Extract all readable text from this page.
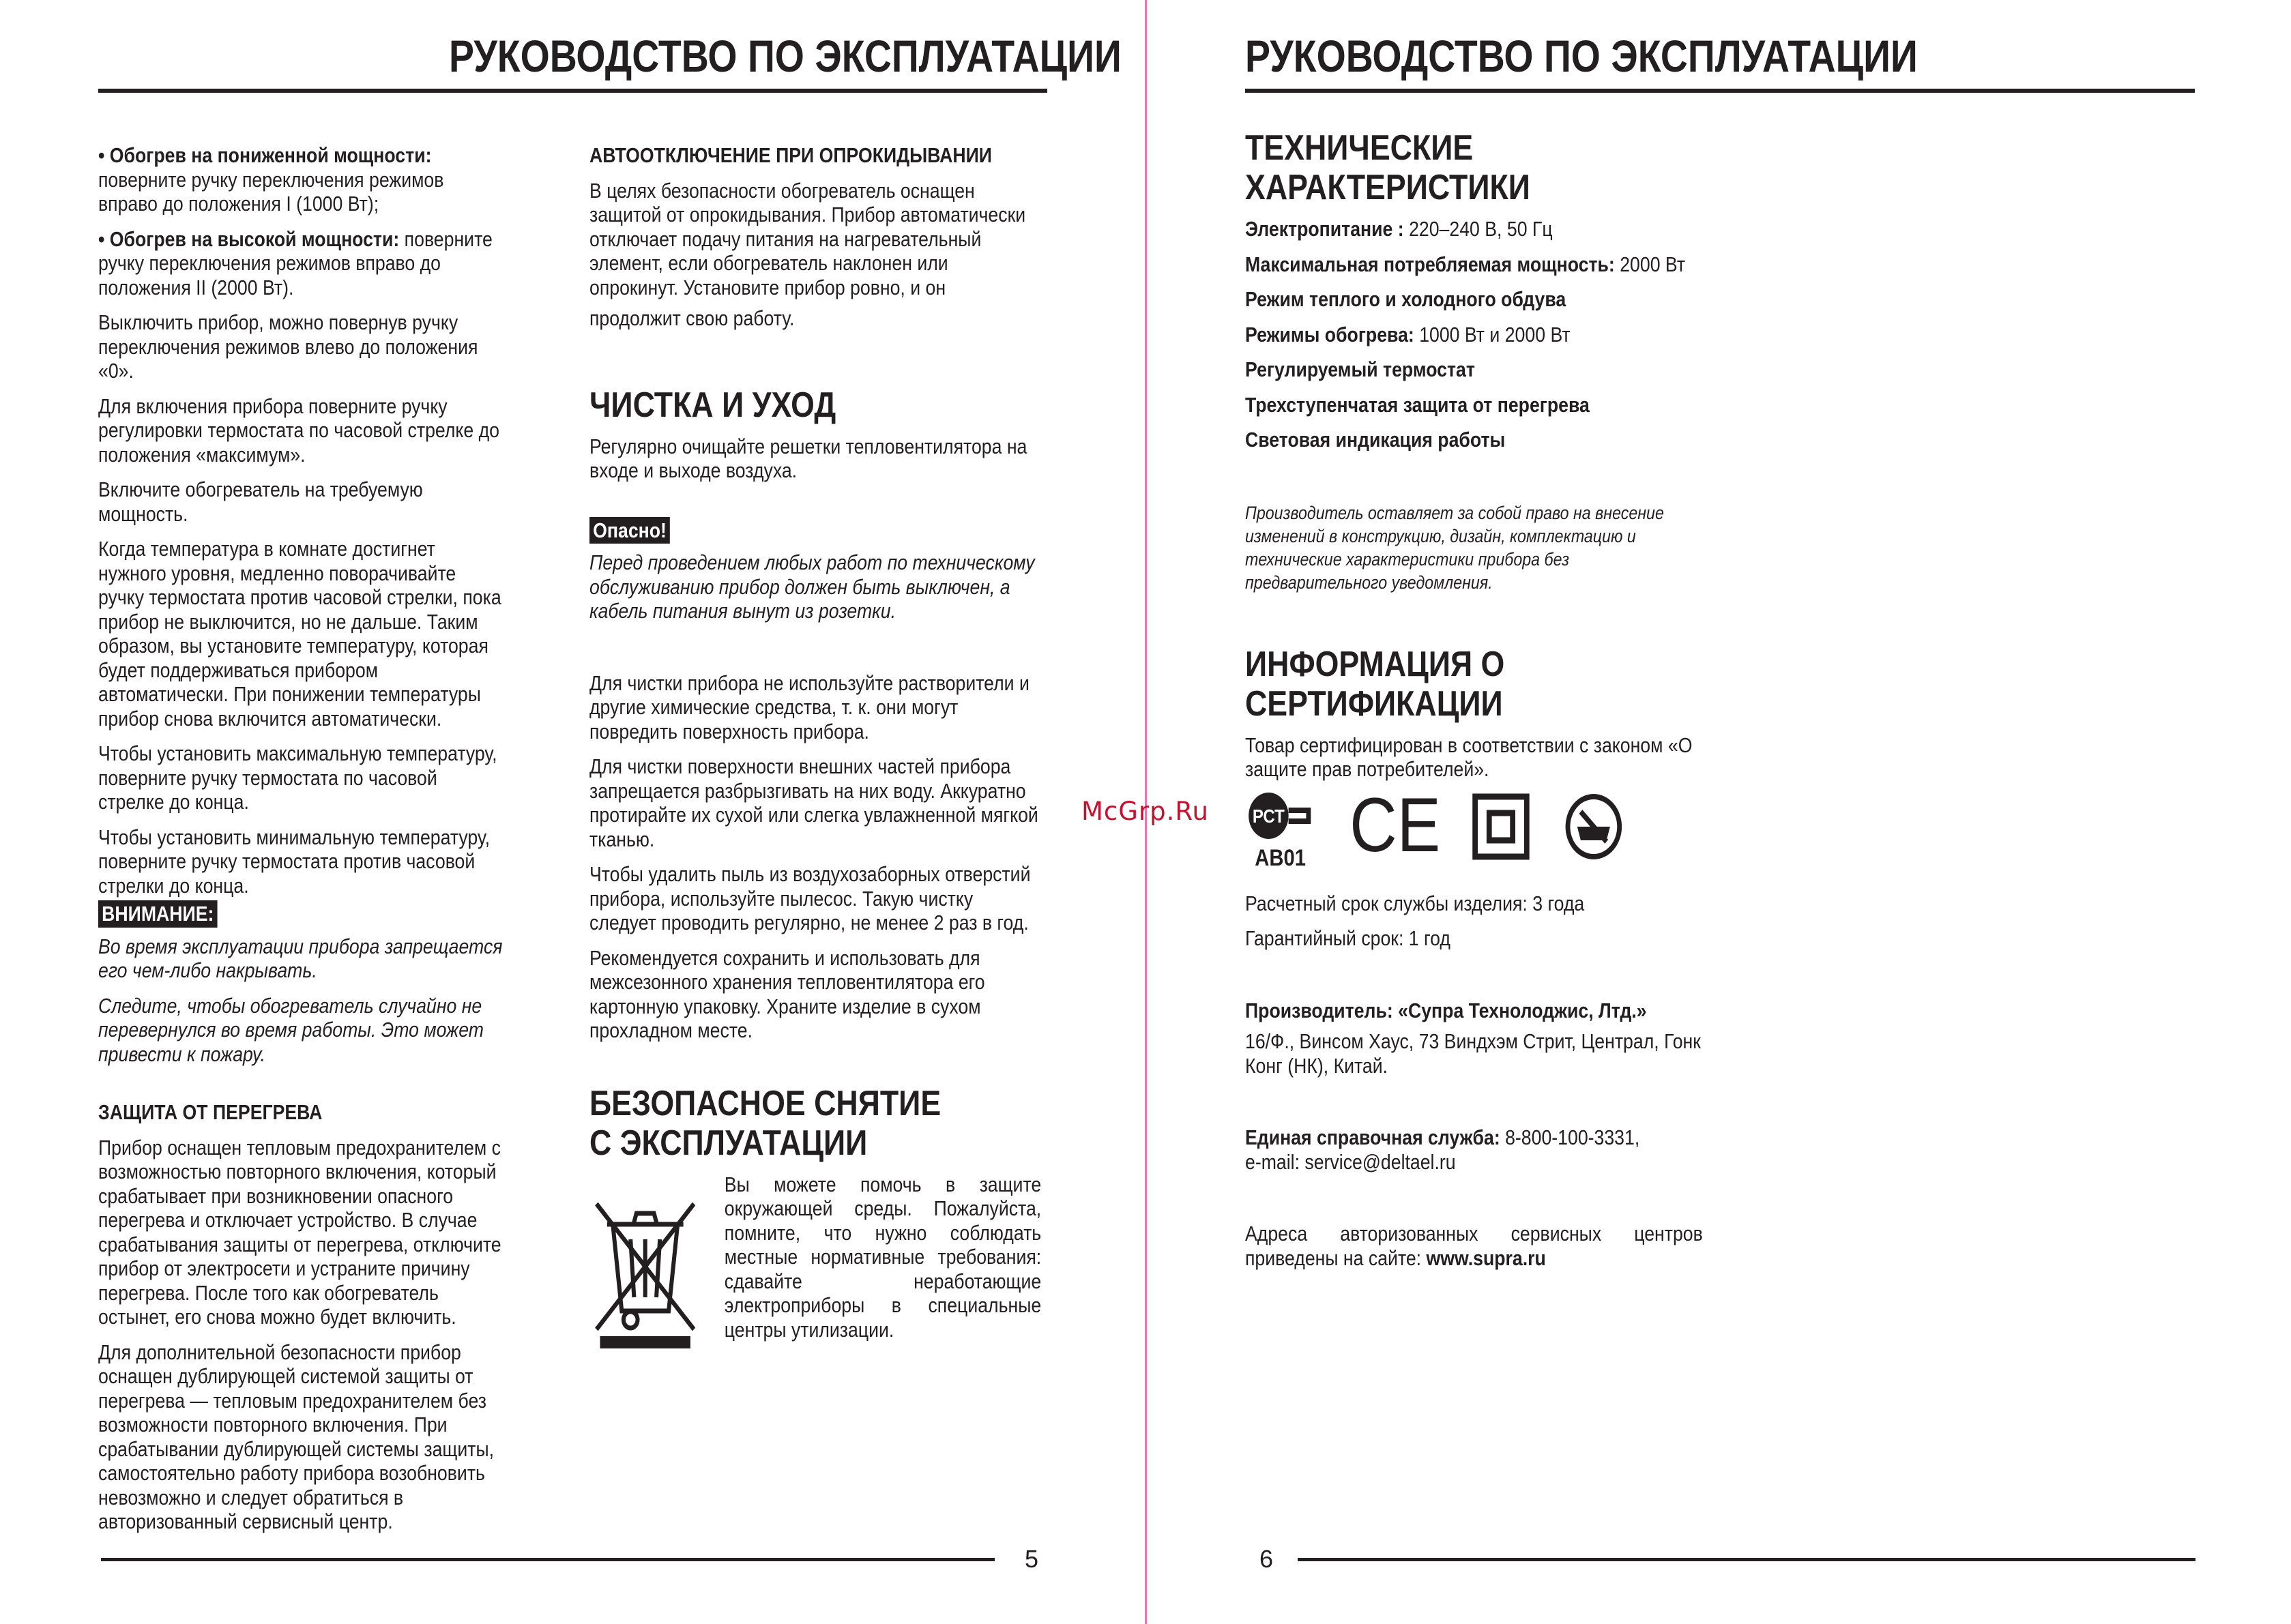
РУКОВОДСТВО ПО ЭКСПЛУАТАЦИИ

• Обогрев на пониженной мощности:
поверните ручку переключения режимов вправо до положения I (1000 Вт);

• Обогрев на высокой мощности: поверните ручку переключения режимов вправо до положения II (2000 Вт).

Выключить прибор, можно повернув ручку переключения режимов влево до положения «0».

Для включения прибора поверните ручку регулировки термостата по часовой стрелке до положения «максимум».

Включите обогреватель на требуемую мощность.

Когда температура в комнате достигнет нужного уровня, медленно поворачивайте ручку термостата против часовой стрелки, пока прибор не выключится, но не дальше. Таким образом, вы установите температуру, которая будет поддерживаться прибором автоматически. При понижении температуры прибор снова включится автоматически.

Чтобы установить максимальную температуру, поверните ручку термостата по часовой стрелке до конца.

Чтобы установить минимальную температуру, поверните ручку термостата против часовой стрелки до конца.

ВНИМАНИЕ:

Во время эксплуатации прибора запрещается его чем-либо накрывать.

Следите, чтобы обогреватель случайно не перевернулся во время работы. Это может привести к пожару.

ЗАЩИТА ОТ ПЕРЕГРЕВА

Прибор оснащен тепловым предохранителем с возможностью повторного включения, который срабатывает при возникновении опасного перегрева и отключает устройство. В случае срабатывания защиты от перегрева, отключите прибор от электросети и устраните причину перегрева. После того как обогреватель остынет, его снова можно будет включить.

Для дополнительной безопасности прибор оснащен дублирующей системой защиты от перегрева — тепловым предохранителем без возможности повторного включения. При срабатывании дублирующей системы защиты, самостоятельно работу прибора возобновить невозможно и следует обратиться в авторизованный сервисный центр.

АВТООТКЛЮЧЕНИЕ ПРИ ОПРОКИДЫВАНИИ

В целях безопасности обогреватель оснащен защитой от опрокидывания. Прибор автоматически отключает подачу питания на нагревательный элемент, если обогреватель наклонен или опрокинут. Установите прибор ровно, и он

продолжит свою работу.

ЧИСТКА И УХОД

Регулярно очищайте решетки тепловентилятора на входе и выходе воздуха.

Опасно!

Перед проведением любых работ по техническому обслуживанию прибор должен быть выключен, а кабель питания вынут из розетки.

Для чистки прибора не используйте растворители и другие химические средства, т. к. они могут повредить поверхность прибора.

Для чистки поверхности внешних частей прибора запрещается разбрызгивать на них воду. Аккуратно протирайте их сухой или слегка увлажненной мягкой тканью.

Чтобы удалить пыль из воздухозаборных отверстий прибора, используйте пылесос. Такую чистку следует проводить регулярно, не менее 2 раз в год.

Рекомендуется сохранить и использовать для межсезонного хранения тепловентилятора его картонную упаковку. Храните изделие в сухом прохладном месте.

БЕЗОПАСНОЕ СНЯТИЕ
С ЭКСПЛУАТАЦИИ

Вы можете помочь в защите окружающей среды. Пожалуйста, помните, что нужно соблюдать местные нормативные требования: сдавайте неработающие электроприборы в специальные центры утилизации.

5
McGrp.Ru
РУКОВОДСТВО ПО ЭКСПЛУАТАЦИИ
ТЕХНИЧЕСКИЕ ХАРАКТЕРИСТИКИ

Электропитание : 220–240 В, 50 Гц

Максимальная потребляемая мощность: 2000 Вт

Режим теплого и холодного обдува

Режимы обогрева: 1000 Вт и 2000 Вт

Регулируемый термостат

Трехступенчатая защита от перегрева

Световая индикация работы

Производитель оставляет за собой право на внесение изменений в конструкцию, дизайн, комплектацию и технические характеристики прибора без предварительного уведомления.

ИНФОРМАЦИЯ О СЕРТИФИКАЦИИ

Товар сертифицирован в соответствии с законом «О защите прав потребителей».

РСТ
АВ01 CE

Расчетный срок службы изделия: 3 года

Гарантийный срок: 1 год

Производитель: «Супра Технолоджис, Лтд.»

16/Ф., Винсом Хаус, 73 Виндхэм Стрит, Централ, Гонк Конг (НК), Китай.

Единая справочная служба: 8-800-100-3331,
e-mail: service@deltael.ru

Адреса авторизованных сервисных центров приведены на сайте: www.supra.ru

6
